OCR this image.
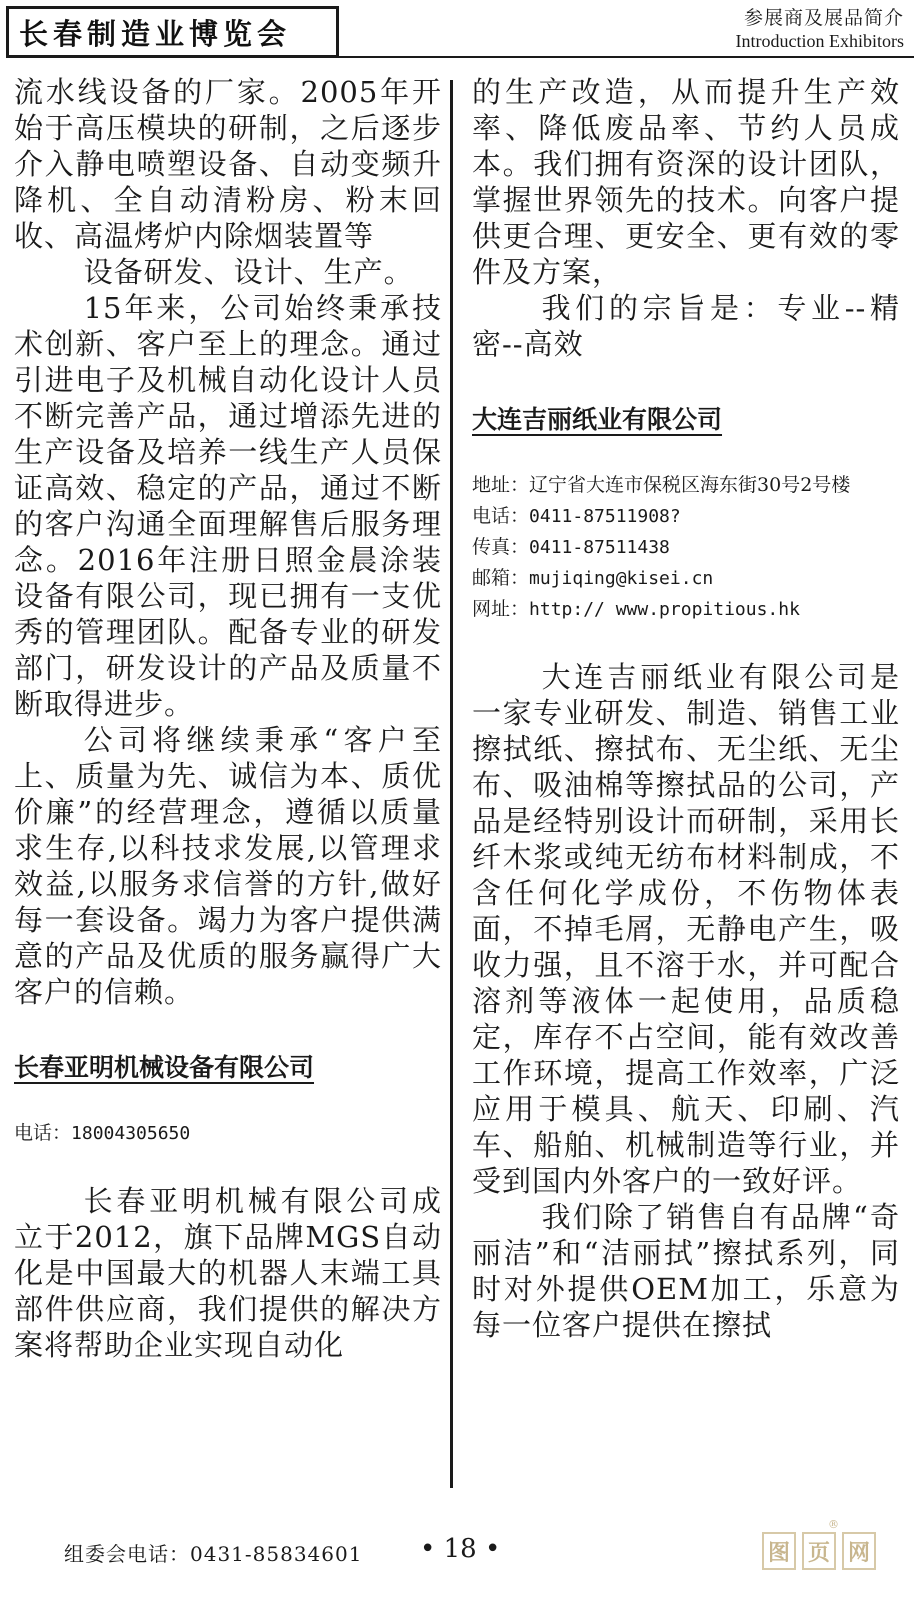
长春制造业博览会	参展商及展品简介
Introduction Exhibitors

流水线设备的厂家。2005年开始于高压模块的研制，之后逐步介入静电喷塑设备、自动变频升降机、全自动清粉房、粉末回收、高温烤炉内除烟装置等

设备研发、设计、生产。

15年来，公司始终秉承技术创新、客户至上的理念。通过引进电子及机械自动化设计人员不断完善产品，通过增添先进的生产设备及培养一线生产人员保证高效、稳定的产品，通过不断的客户沟通全面理解售后服务理念。2016年注册日照金晨涂装设备有限公司，现已拥有一支优秀的管理团队。配备专业的研发部门，研发设计的产品及质量不断取得进步。

公司将继续秉承“客户至上、质量为先、诚信为本、质优价廉”的经营理念，遵循以质量求生存,以科技求发展,以管理求效益,以服务求信誉的方针,做好每一套设备。竭力为客户提供满意的产品及优质的服务赢得广大客户的信赖。

长春亚明机械设备有限公司

电话：18004305650

长春亚明机械有限公司成立于2012，旗下品牌MGS自动化是中国最大的机器人末端工具部件供应商，我们提供的解决方案将帮助企业实现自动化

的生产改造，从而提升生产效率、降低废品率、节约人员成本。我们拥有资深的设计团队，掌握世界领先的技术。向客户提供更合理、更安全、更有效的零件及方案，

我们的宗旨是：专业--精密--高效

大连吉丽纸业有限公司

地址：辽宁省大连市保税区海东街30号2号楼

电话：0411-87511908?

传真：0411-87511438

邮箱：mujiqing@kisei.cn

网址：http:// www.propitious.hk

大连吉丽纸业有限公司是一家专业研发、制造、销售工业擦拭纸、擦拭布、无尘纸、无尘布、吸油棉等擦拭品的公司，产品是经特别设计而研制，采用长纤木浆或纯无纺布材料制成，不含任何化学成份，不伤物体表面，不掉毛屑，无静电产生，吸收力强，且不溶于水，并可配合溶剂等液体一起使用，品质稳定，库存不占空间，能有效改善工作环境，提高工作效率，广泛应用于模具、航天、印刷、汽车、船舶、机械制造等行业，并受到国内外客户的一致好评。

我们除了销售自有品牌“奇丽洁”和“洁丽拭”擦拭系列，同时对外提供OEM加工，乐意为每一位客户提供在擦拭

组委会电话：0431-85834601 • 18 •	图 页 网
®
